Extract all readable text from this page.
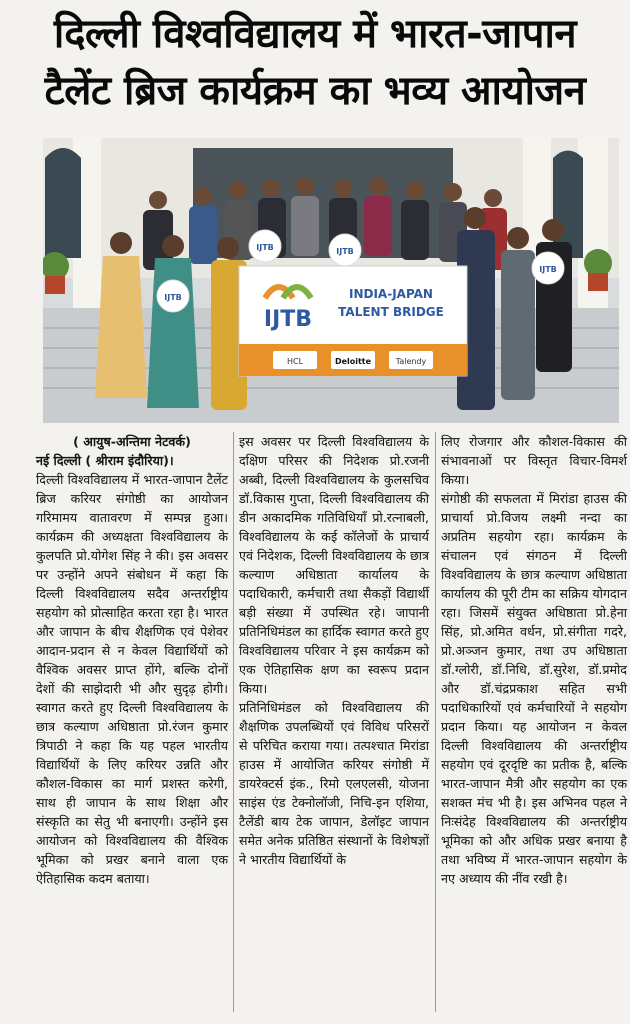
दिल्ली विश्वविद्यालय में भारत-जापान
टैलेंट ब्रिज कार्यक्रम का भव्य आयोजन
IJTB
IJTB	IJTB
IJTB
IJTB
INDIA-JAPAN
TALENT BRIDGE
HCL	Deloitte	Talendy

( आयुष-अन्तिमा नेटवर्क)

नई दिल्ली ( श्रीराम इंदौरिया)।

दिल्ली विश्वविद्यालय में भारत-जापान टैलेंट ब्रिज करियर संगोष्ठी का आयोजन गरिमामय वातावरण में सम्पन्न हुआ। कार्यक्रम की अध्यक्षता विश्वविद्यालय के कुलपति प्रो.योगेश सिंह ने की। इस अवसर पर उन्होंने अपने संबोधन में कहा कि दिल्ली विश्वविद्यालय सदैव अन्तर्राष्ट्रीय सहयोग को प्रोत्साहित करता रहा है। भारत और जापान के बीच शैक्षणिक एवं पेशेवर आदान-प्रदान से न केवल विद्यार्थियों को वैश्विक अवसर प्राप्त होंगे, बल्कि दोनों देशों की साझेदारी भी और सुदृढ़ होगी। स्वागत करते हुए दिल्ली विश्वविद्यालय के छात्र कल्याण अधिष्ठाता प्रो.रंजन कुमार त्रिपाठी ने कहा कि यह पहल भारतीय विद्यार्थियों के लिए करियर उन्नति और कौशल-विकास का मार्ग प्रशस्त करेगी, साथ ही जापान के साथ शिक्षा और संस्कृति का सेतु भी बनाएगी। उन्होंने इस आयोजन को विश्वविद्यालय की वैश्विक भूमिका को प्रखर बनाने वाला एक ऐतिहासिक कदम बताया।

इस अवसर पर दिल्ली विश्वविद्यालय के दक्षिण परिसर की निदेशक प्रो.रजनी अब्बी, दिल्ली विश्वविद्यालय के कुलसचिव डॉ.विकास गुप्ता, दिल्ली विश्वविद्यालय की डीन अकादमिक गतिविधियाँ प्रो.रत्नाबली, विश्वविद्यालय के कई कॉलेजों के प्राचार्य एवं निदेशक, दिल्ली विश्वविद्यालय के छात्र कल्याण अधिष्ठाता कार्यालय के पदाधिकारी, कर्मचारी तथा सैकड़ों विद्यार्थी बड़ी संख्या में उपस्थित रहे। जापानी प्रतिनिधिमंडल का हार्दिक स्वागत करते हुए विश्वविद्यालय परिवार ने इस कार्यक्रम को एक ऐतिहासिक क्षण का स्वरूप प्रदान किया।

प्रतिनिधिमंडल को विश्वविद्यालय की शैक्षणिक उपलब्धियों एवं विविध परिसरों से परिचित कराया गया। तत्पश्चात मिरांडा हाउस में आयोजित करियर संगोष्ठी में डायरेक्टर्स इंक., रिमो एलएलसी, योजना साइंस एंड टेक्नोलॉजी, निचि-इन एशिया, टैलेंडी बाय टेक जापान, डेलॉइट जापान समेत अनेक प्रतिष्ठित संस्थानों के विशेषज्ञों ने भारतीय विद्यार्थियों के

लिए रोजगार और कौशल-विकास की संभावनाओं पर विस्तृत विचार-विमर्श किया।

संगोष्ठी की सफलता में मिरांडा हाउस की प्राचार्या प्रो.विजय लक्ष्मी नन्दा का अप्रतिम सहयोग रहा। कार्यक्रम के संचालन एवं संगठन में दिल्ली विश्वविद्यालय के छात्र कल्याण अधिष्ठाता कार्यालय की पूरी टीम का सक्रिय योगदान रहा। जिसमें संयुक्त अधिष्ठाता प्रो.हेना सिंह, प्रो.अमित वर्धन, प्रो.संगीता गदरे, प्रो.अञ्जन कुमार, तथा उप अधिष्ठाता डॉ.ग्लोरी, डॉ.निधि, डॉ.सुरेश, डॉ.प्रमोद और डॉ.चंद्रप्रकाश सहित सभी पदाधिकारियों एवं कर्मचारियों ने सहयोग प्रदान किया। यह आयोजन न केवल दिल्ली विश्वविद्यालय की अन्तर्राष्ट्रीय सहयोग एवं दूरदृष्टि का प्रतीक है, बल्कि भारत-जापान मैत्री और सहयोग का एक सशक्त मंच भी है। इस अभिनव पहल ने निःसंदेह विश्वविद्यालय की अन्तर्राष्ट्रीय भूमिका को और अधिक प्रखर बनाया है तथा भविष्य में भारत-जापान सहयोग के नए अध्याय की नींव रखी है।
